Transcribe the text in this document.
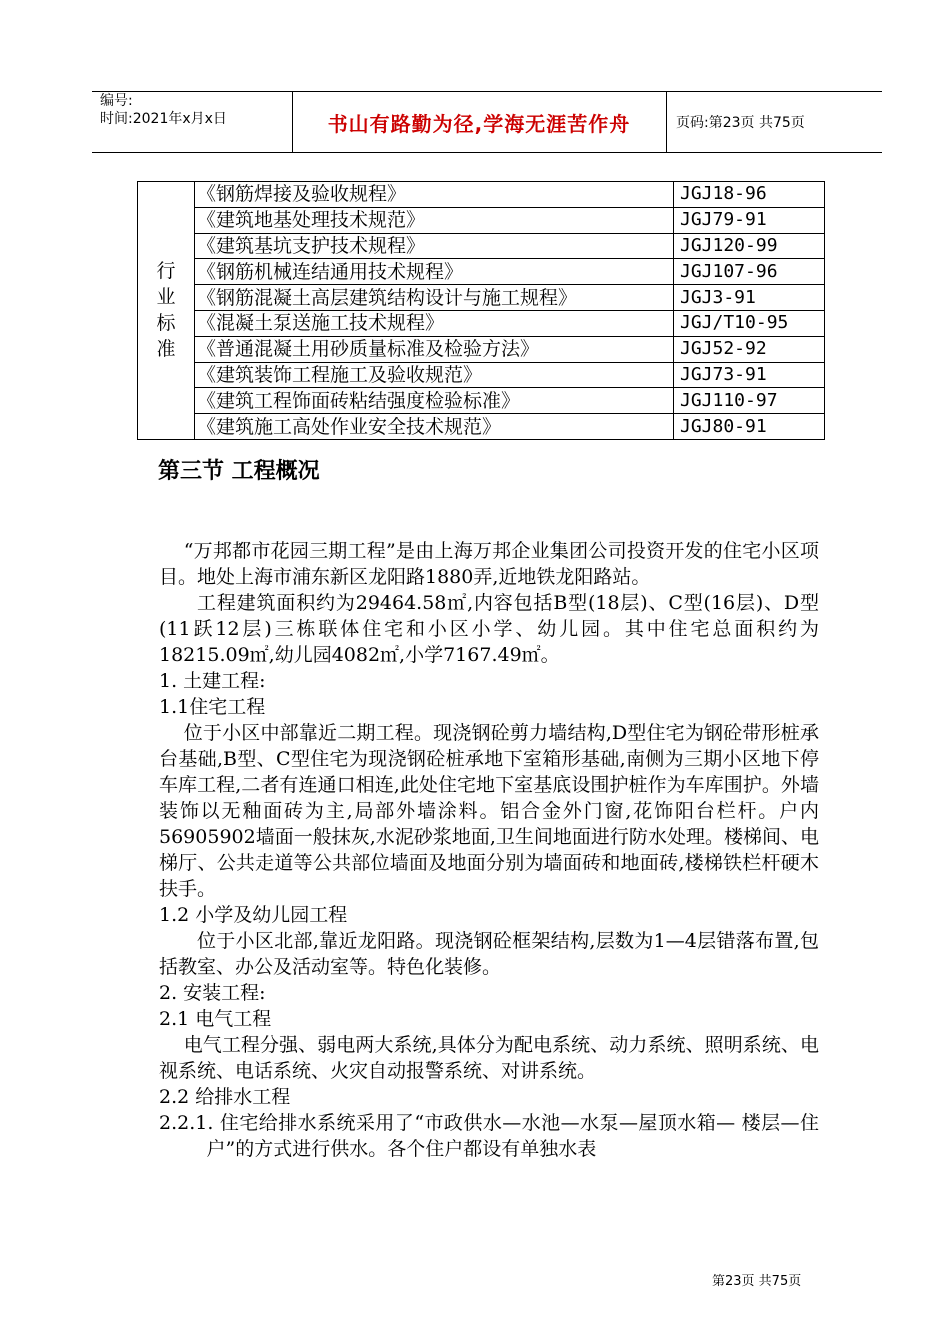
编号:
时间:2021年x月x日	书山有路勤为径,学海无涯苦作舟	页码:第23页 共75页
行业标准	《钢筋焊接及验收规程》	JGJ18-96
	《建筑地基处理技术规范》	JGJ79-91
	《建筑基坑支护技术规程》	JGJ120-99
	《钢筋机械连结通用技术规程》	JGJ107-96
	《钢筋混凝土高层建筑结构设计与施工规程》	JGJ3-91
	《混凝土泵送施工技术规程》	JGJ/T10-95
	《普通混凝土用砂质量标准及检验方法》	JGJ52-92
	《建筑装饰工程施工及验收规范》	JGJ73-91
	《建筑工程饰面砖粘结强度检验标准》	JGJ110-97
	《建筑施工高处作业安全技术规范》	JGJ80-91
第三节 工程概况

“万邦都市花园三期工程”是由上海万邦企业集团公司投资开发的住宅小区项目。地处上海市浦东新区龙阳路1880弄,近地铁龙阳路站。

工程建筑面积约为29464.58㎡,内容包括B型(18层)、C型(16层)、D型(11跃12层)三栋联体住宅和小区小学、幼儿园。其中住宅总面积约为18215.09㎡,幼儿园4082㎡,小学7167.49㎡。

1. 土建工程:

1.1住宅工程

位于小区中部靠近二期工程。现浇钢砼剪力墙结构,D型住宅为钢砼带形桩承台基础,B型、C型住宅为现浇钢砼桩承地下室箱形基础,南侧为三期小区地下停车库工程,二者有连通口相连,此处住宅地下室基底设围护桩作为车库围护。外墙装饰以无釉面砖为主,局部外墙涂料。铝合金外门窗,花饰阳台栏杆。户内56905902墙面一般抹灰,水泥砂浆地面,卫生间地面进行防水处理。楼梯间、电梯厅、公共走道等公共部位墙面及地面分别为墙面砖和地面砖,楼梯铁栏杆硬木扶手。

1.2 小学及幼儿园工程

位于小区北部,靠近龙阳路。现浇钢砼框架结构,层数为1—4层错落布置,包括教室、办公及活动室等。特色化装修。

2. 安装工程:

2.1 电气工程

电气工程分强、弱电两大系统,具体分为配电系统、动力系统、照明系统、电视系统、电话系统、火灾自动报警系统、对讲系统。

2.2 给排水工程

2.2.1. 住宅给排水系统采用了“市政供水—水池—水泵—屋顶水箱— 楼层—住户”的方式进行供水。各个住户都设有单独水表

第23页 共75页
